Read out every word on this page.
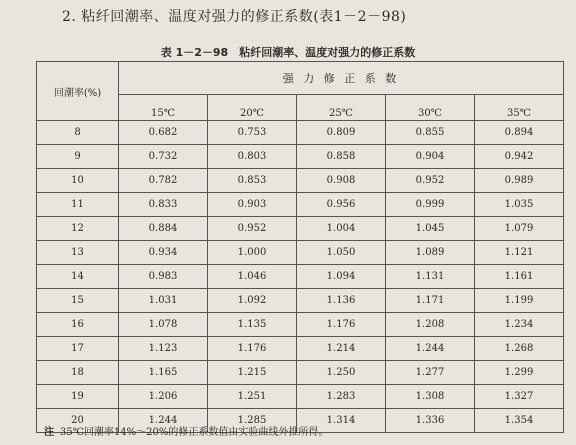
2. 粘纤回潮率、温度对强力的修正系数(表1－2－98)
表 1－2－98　粘纤回潮率、温度对强力的修正系数
回潮率(%)	强 力 修 正 系 数				
	15℃	20℃	25℃	30℃	35℃
8	0.682	0.753	0.809	0.855	0.894
9	0.732	0.803	0.858	0.904	0.942
10	0.782	0.853	0.908	0.952	0.989
11	0.833	0.903	0.956	0.999	1.035
12	0.884	0.952	1.004	1.045	1.079
13	0.934	1.000	1.050	1.089	1.121
14	0.983	1.046	1.094	1.131	1.161
15	1.031	1.092	1.136	1.171	1.199
16	1.078	1.135	1.176	1.208	1.234
17	1.123	1.176	1.214	1.244	1.268
18	1.165	1.215	1.250	1.277	1.299
19	1.206	1.251	1.283	1.308	1.327
20	1.244	1.285	1.314	1.336	1.354
注 35℃回潮率14%～20%的修正系数值由实验曲线外推所得。
